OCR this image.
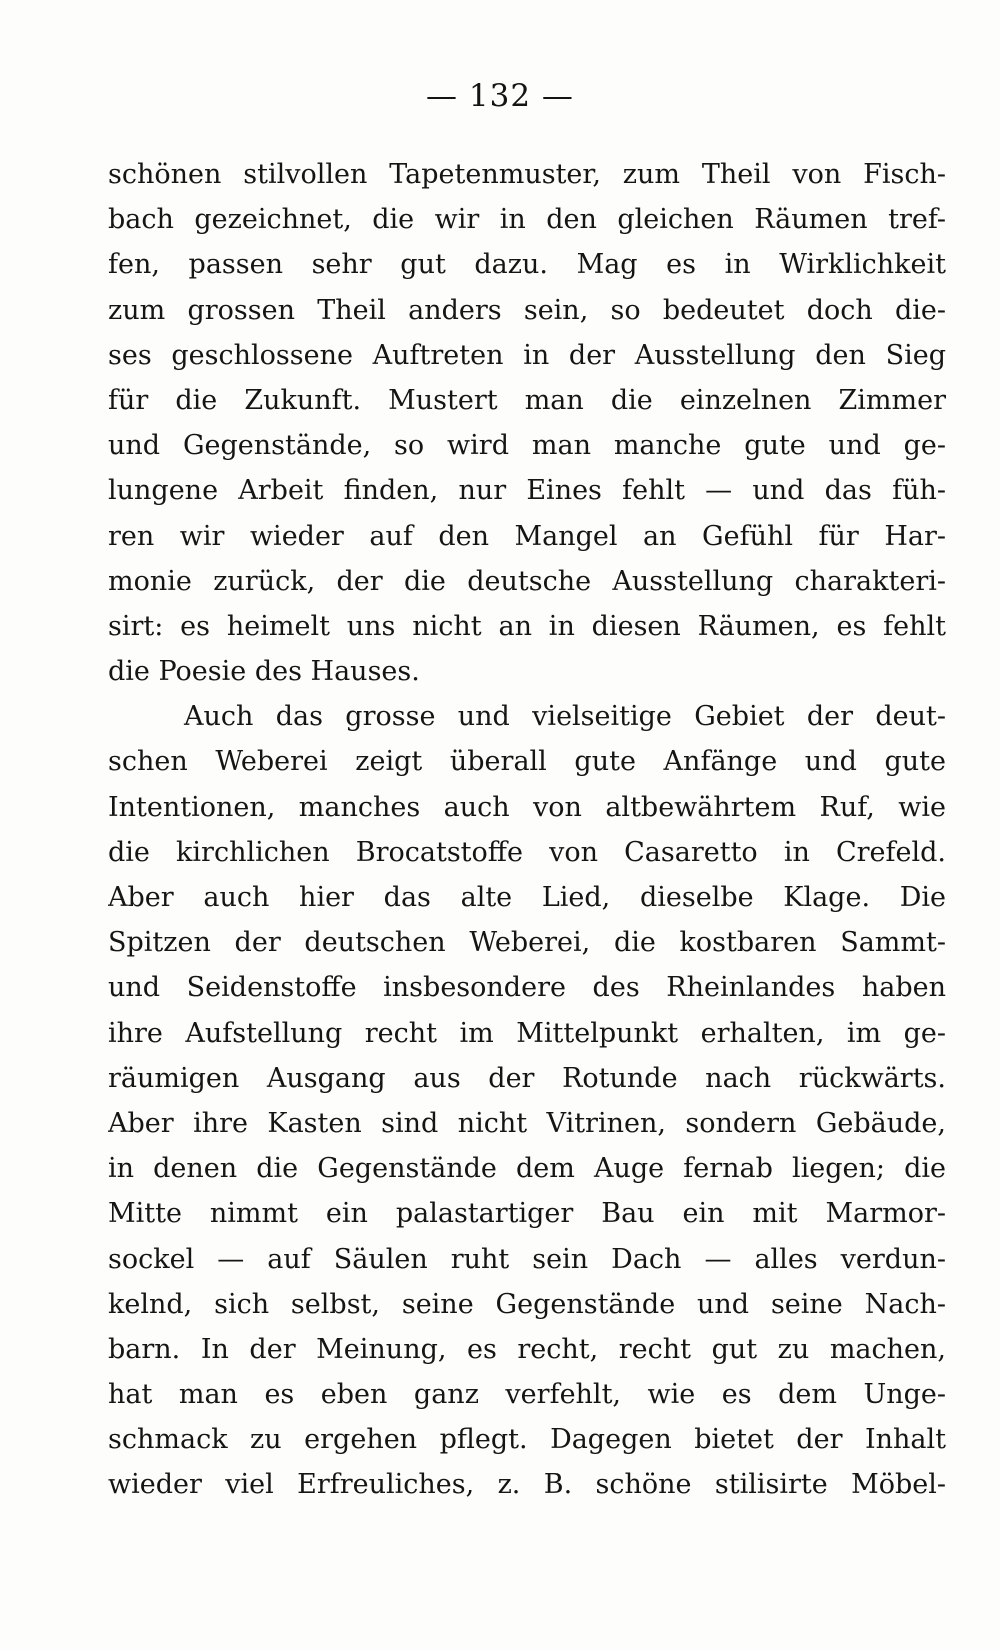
— 132 —
schönen stilvollen Tapetenmuster, zum Theil von Fisch-
bach gezeichnet, die wir in den gleichen Räumen tref-
fen, passen sehr gut dazu. Mag es in Wirklichkeit
zum grossen Theil anders sein, so bedeutet doch die-
ses geschlossene Auftreten in der Ausstellung den Sieg
für die Zukunft. Mustert man die einzelnen Zimmer
und Gegenstände, so wird man manche gute und ge-
lungene Arbeit finden, nur Eines fehlt — und das füh-
ren wir wieder auf den Mangel an Gefühl für Har-
monie zurück, der die deutsche Ausstellung charakteri-
sirt: es heimelt uns nicht an in diesen Räumen, es fehlt
die Poesie des Hauses.
Auch das grosse und vielseitige Gebiet der deut-
schen Weberei zeigt überall gute Anfänge und gute
Intentionen, manches auch von altbewährtem Ruf, wie
die kirchlichen Brocatstoffe von Casaretto in Crefeld.
Aber auch hier das alte Lied, dieselbe Klage. Die
Spitzen der deutschen Weberei, die kostbaren Sammt-
und Seidenstoffe insbesondere des Rheinlandes haben
ihre Aufstellung recht im Mittelpunkt erhalten, im ge-
räumigen Ausgang aus der Rotunde nach rückwärts.
Aber ihre Kasten sind nicht Vitrinen, sondern Gebäude,
in denen die Gegenstände dem Auge fernab liegen; die
Mitte nimmt ein palastartiger Bau ein mit Marmor-
sockel — auf Säulen ruht sein Dach — alles verdun-
kelnd, sich selbst, seine Gegenstände und seine Nach-
barn. In der Meinung, es recht, recht gut zu machen,
hat man es eben ganz verfehlt, wie es dem Unge-
schmack zu ergehen pflegt. Dagegen bietet der Inhalt
wieder viel Erfreuliches, z. B. schöne stilisirte Möbel-
